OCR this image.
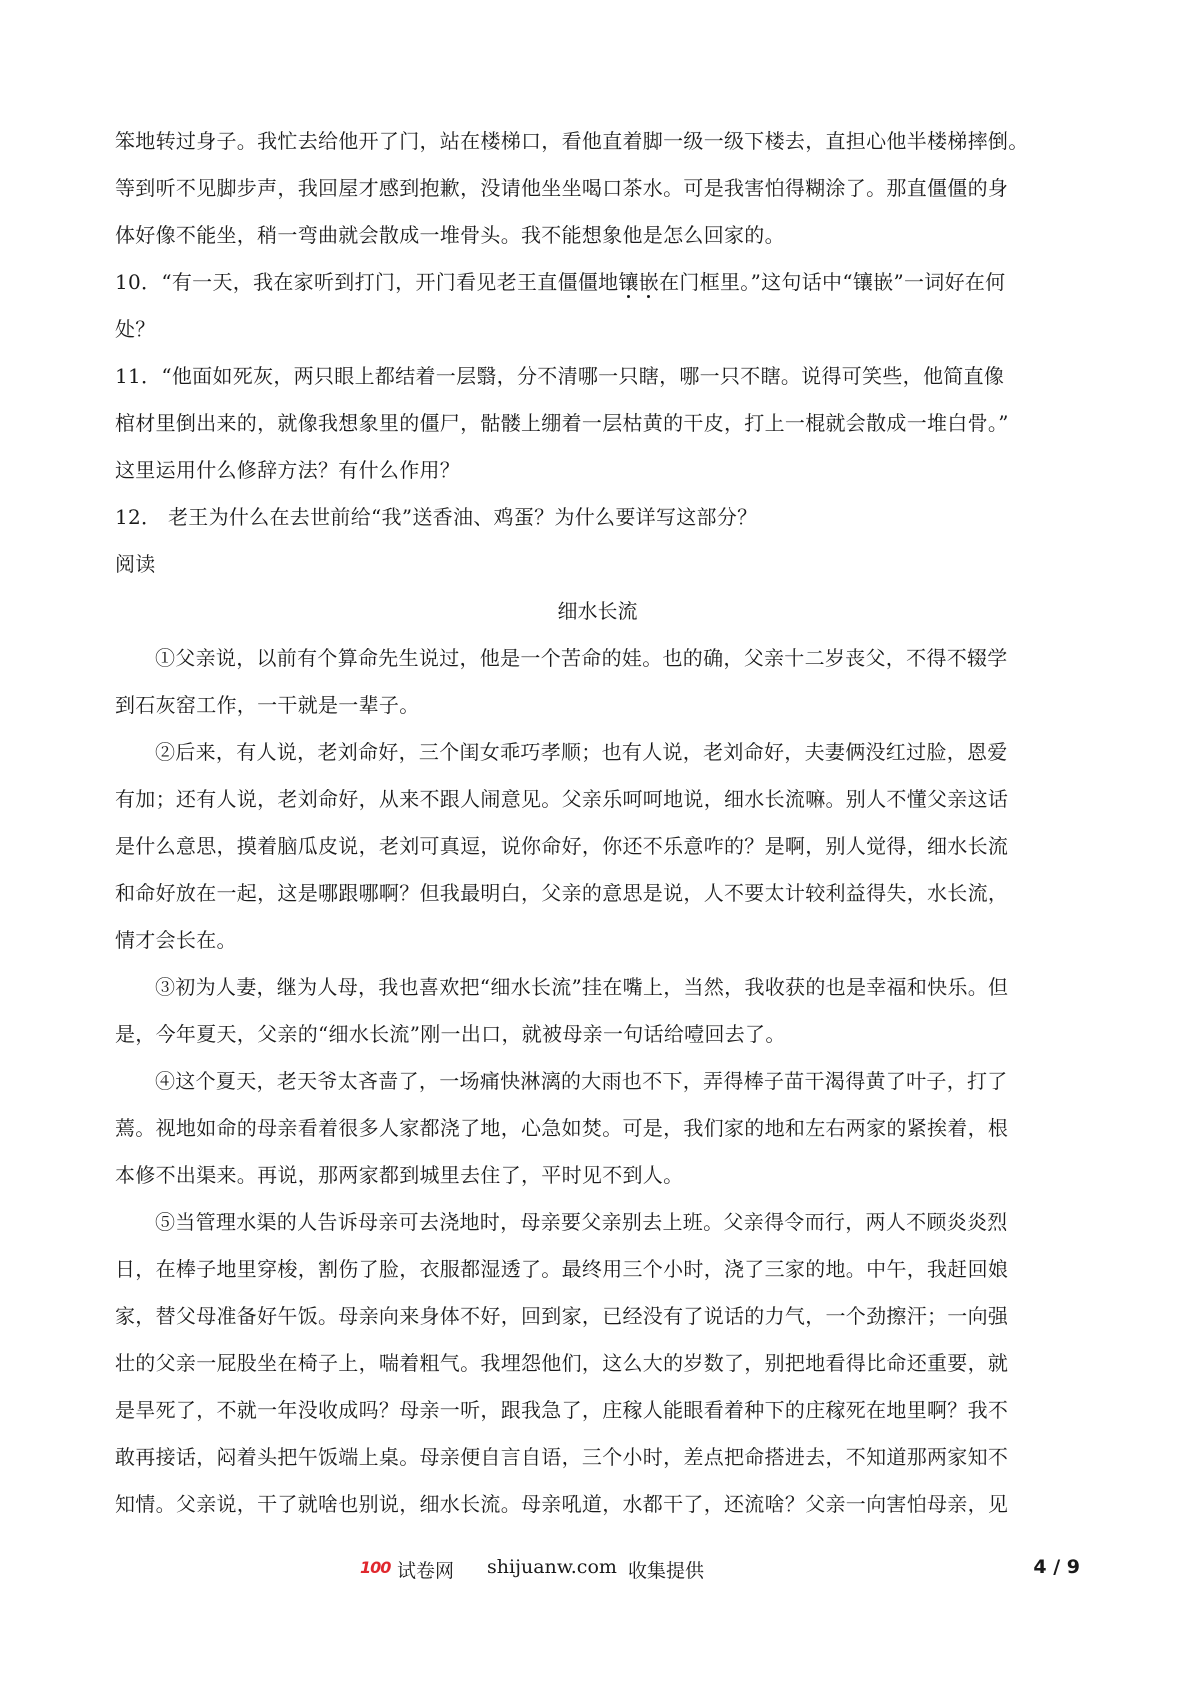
笨地转过身子。我忙去给他开了门，站在楼梯口，看他直着脚一级一级下楼去，直担心他半楼梯摔倒。
等到听不见脚步声，我回屋才感到抱歉，没请他坐坐喝口茶水。可是我害怕得糊涂了。那直僵僵的身
体好像不能坐，稍一弯曲就会散成一堆骨头。我不能想象他是怎么回家的。
10．“有一天，我在家听到打门，开门看见老王直僵僵地镶嵌在门框里。”这句话中“镶嵌”一词好在何
处？
11．“他面如死灰，两只眼上都结着一层翳，分不清哪一只瞎，哪一只不瞎。说得可笑些，他简直像
棺材里倒出来的，就像我想象里的僵尸，骷髅上绷着一层枯黄的干皮，打上一棍就会散成一堆白骨。”
这里运用什么修辞方法？有什么作用？
12． 老王为什么在去世前给“我”送香油、鸡蛋？为什么要详写这部分？
阅读
细水长流
①父亲说，以前有个算命先生说过，他是一个苦命的娃。也的确，父亲十二岁丧父，不得不辍学
到石灰窑工作，一干就是一辈子。
②后来，有人说，老刘命好，三个闺女乖巧孝顺；也有人说，老刘命好，夫妻俩没红过脸，恩爱
有加；还有人说，老刘命好，从来不跟人闹意见。父亲乐呵呵地说，细水长流嘛。别人不懂父亲这话
是什么意思，摸着脑瓜皮说，老刘可真逗，说你命好，你还不乐意咋的？是啊，别人觉得，细水长流
和命好放在一起，这是哪跟哪啊？但我最明白，父亲的意思是说，人不要太计较利益得失，水长流，
情才会长在。
③初为人妻，继为人母，我也喜欢把“细水长流”挂在嘴上，当然，我收获的也是幸福和快乐。但
是，今年夏天，父亲的“细水长流”刚一出口，就被母亲一句话给噎回去了。
④这个夏天，老天爷太吝啬了，一场痛快淋漓的大雨也不下，弄得棒子苗干渴得黄了叶子，打了
蔫。视地如命的母亲看着很多人家都浇了地，心急如焚。可是，我们家的地和左右两家的紧挨着，根
本修不出渠来。再说，那两家都到城里去住了，平时见不到人。
⑤当管理水渠的人告诉母亲可去浇地时，母亲要父亲别去上班。父亲得令而行，两人不顾炎炎烈
日，在棒子地里穿梭，割伤了脸，衣服都湿透了。最终用三个小时，浇了三家的地。中午，我赶回娘
家，替父母准备好午饭。母亲向来身体不好，回到家，已经没有了说话的力气，一个劲擦汗；一向强
壮的父亲一屁股坐在椅子上，喘着粗气。我埋怨他们，这么大的岁数了，别把地看得比命还重要，就
是旱死了，不就一年没收成吗？母亲一听，跟我急了，庄稼人能眼看着种下的庄稼死在地里啊？我不
敢再接话，闷着头把午饭端上桌。母亲便自言自语，三个小时，差点把命搭进去，不知道那两家知不
知情。父亲说，干了就啥也别说，细水长流。母亲吼道，水都干了，还流啥？父亲一向害怕母亲，见
100 试卷网 shijuanw.com 收集提供	4 / 9
